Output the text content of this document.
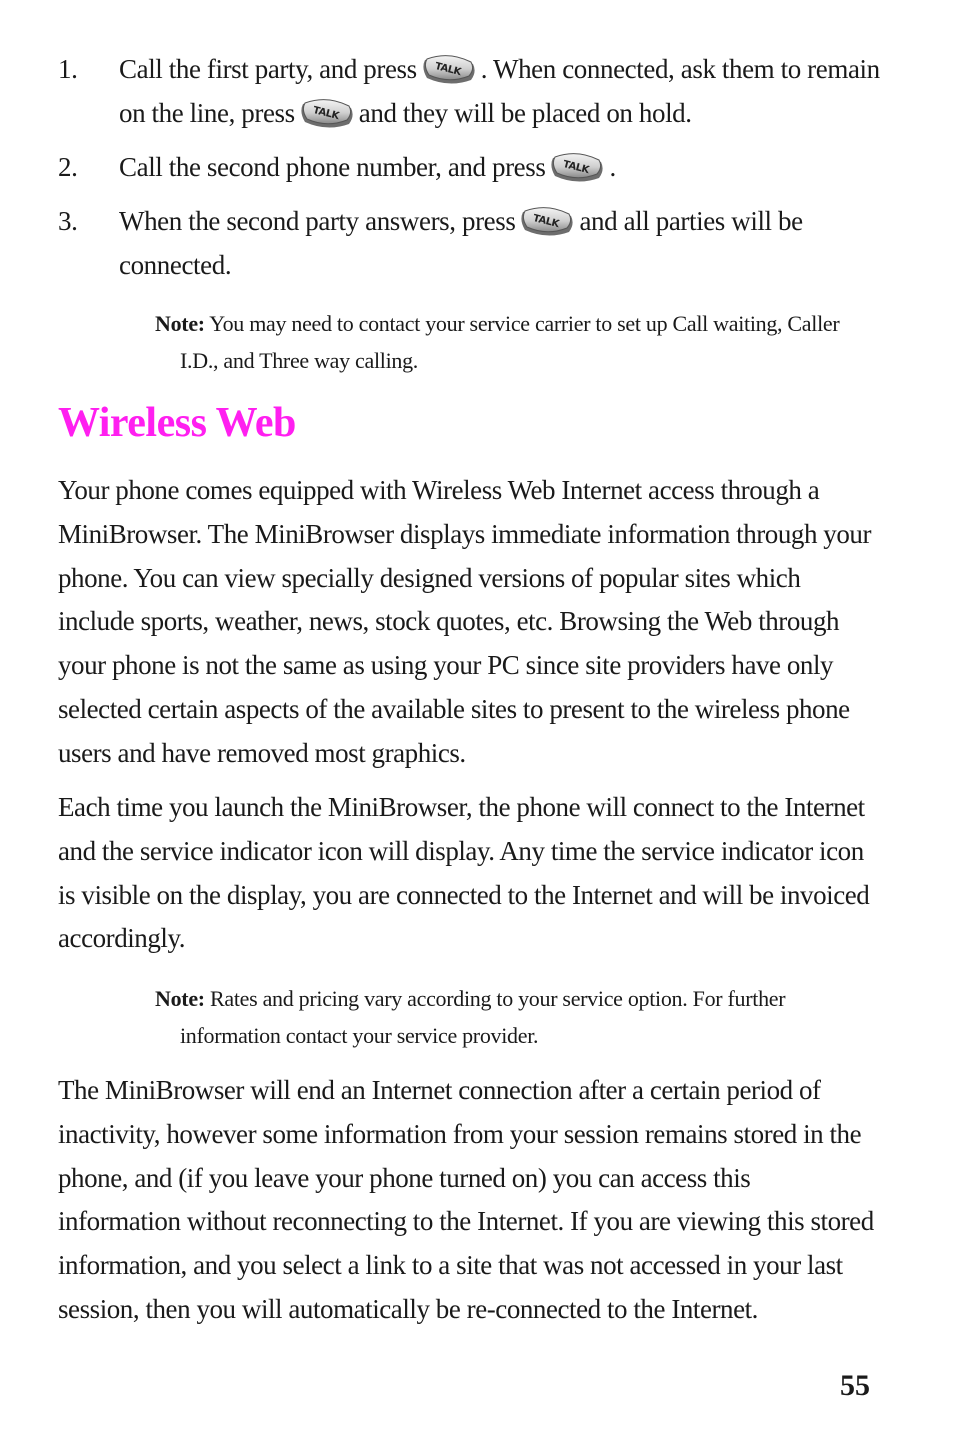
1. Call the first party, and press . When connected, ask them to remain on the line, press and they will be placed on hold.
2. Call the second phone number, and press .
3. When the second party answers, press and all parties will be connected.
Note: You may need to contact your service carrier to set up Call waiting, Caller I.D., and Three way calling.
Wireless Web

Your phone comes equipped with Wireless Web Internet access through a MiniBrowser. The MiniBrowser displays immediate information through your phone. You can view specially designed versions of popular sites which include sports, weather, news, stock quotes, etc. Browsing the Web through your phone is not the same as using your PC since site providers have only selected certain aspects of the available sites to present to the wireless phone users and have removed most graphics.

Each time you launch the MiniBrowser, the phone will connect to the Internet and the service indicator icon will display. Any time the service indicator icon is visible on the display, you are connected to the Internet and will be invoiced accordingly.

Note: Rates and pricing vary according to your service option. For further information contact your service provider.

The MiniBrowser will end an Internet connection after a certain period of inactivity, however some information from your session remains stored in the phone, and (if you leave your phone turned on) you can access this information without reconnecting to the Internet. If you are viewing this stored information, and you select a link to a site that was not accessed in your last session, then you will automatically be re-connected to the Internet.

55
